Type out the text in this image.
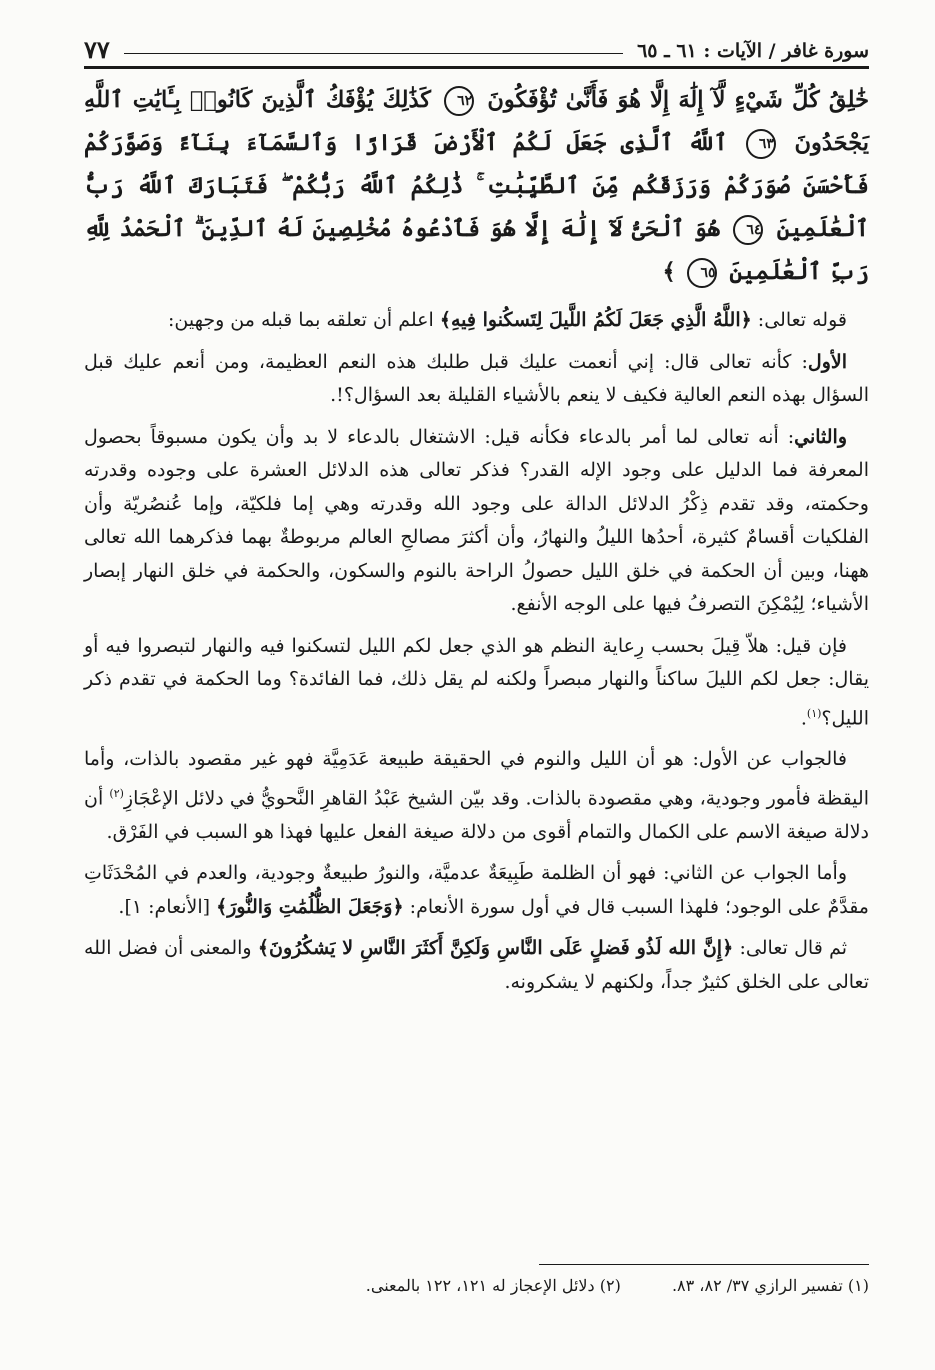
سورة غافر / الآيات : ٦١ ـ ٦٥
٧٧
خَٰلِقُ كُلِّ شَيْءٍ لَّآ إِلَٰهَ إِلَّا هُوَ فَأَنَّىٰ تُؤْفَكُونَ ٦٢ كَذَٰلِكَ يُؤْفَكُ ٱلَّذِينَ كَانُوا۟ بِـَٔايَٰتِ ٱللَّهِ يَجْحَدُونَ ٦٣ ٱللَّهُ ٱلَّذِى جَعَلَ لَكُمُ ٱلْأَرْضَ قَرَارًا وَٱلسَّمَآءَ بِنَآءً وَصَوَّرَكُمْ فَأَحْسَنَ صُوَرَكُمْ وَرَزَقَكُم مِّنَ ٱلطَّيِّبَٰتِ ۚ ذَٰلِكُمُ ٱللَّهُ رَبُّكُمْ ۖ فَتَبَارَكَ ٱللَّهُ رَبُّ ٱلْعَٰلَمِينَ ٦٤ هُوَ ٱلْحَىُّ لَآ إِلَٰهَ إِلَّا هُوَ فَٱدْعُوهُ مُخْلِصِينَ لَهُ ٱلدِّينَ ۗ ٱلْحَمْدُ لِلَّهِ رَبِّ ٱلْعَٰلَمِينَ ٦٥ ﴾

قوله تعالى: ﴿اللَّهُ الَّذِي جَعَلَ لَكُمُ اللَّيلَ لِتَسكُنوا فِيهِ﴾ اعلم أن تعلقه بما قبله من وجهين:

الأول: كأنه تعالى قال: إني أنعمت عليك قبل طلبك هذه النعم العظيمة، ومن أنعم عليك قبل السؤال بهذه النعم العالية فكيف لا ينعم بالأشياء القليلة بعد السؤال؟!.

والثاني: أنه تعالى لما أمر بالدعاء فكأنه قيل: الاشتغال بالدعاء لا بد وأن يكون مسبوقاً بحصول المعرفة فما الدليل على وجود الإله القدر؟ فذكر تعالى هذه الدلائل العشرة على وجوده وقدرته وحكمته، وقد تقدم ذِكْرُ الدلائل الدالة على وجود الله وقدرته وهي إما فلكيّة، وإما عُنصُريّة وأن الفلكيات أقسامٌ كثيرة، أحدُها الليلُ والنهارُ، وأن أكثرَ مصالحِ العالم مربوطةٌ بهما فذكرهما الله تعالى ههنا، وبين أن الحكمة في خلق الليل حصولُ الراحة بالنوم والسكون، والحكمة في خلق النهار إبصار الأشياء؛ لِيُمْكِنَ التصرفُ فيها على الوجه الأنفع.

فإن قيل: هلاّ قِيلَ بحسب رِعاية النظم هو الذي جعل لكم الليل لتسكنوا فيه والنهار لتبصروا فيه أو يقال: جعل لكم الليلَ ساكناً والنهار مبصراً ولكنه لم يقل ذلك، فما الفائدة؟ وما الحكمة في تقدم ذكر الليل؟$^{(١)}$.

فالجواب عن الأول: هو أن الليل والنوم في الحقيقة طبيعة عَدَمِيَّة فهو غير مقصود بالذات، وأما اليقظة فأمور وجودية، وهي مقصودة بالذات. وقد بيّن الشيخ عَبْدُ القاهرِ النَّحويُّ في دلائل الإعْجَازِ$^{(٢)}$ أن دلالة صيغة الاسم على الكمال والتمام أقوى من دلالة صيغة الفعل عليها فهذا هو السبب في الفَرْق.

وأما الجواب عن الثاني: فهو أن الظلمة طَبِيعَةٌ عدميَّة، والنورُ طبيعةٌ وجودية، والعدم في المُحْدَثَاتِ مقدَّمٌ على الوجود؛ فلهذا السبب قال في أول سورة الأنعام: ﴿وَجَعَلَ الظُّلُمَٰتِ وَالنُّورَ﴾ [الأنعام: ١].

ثم قال تعالى: ﴿إِنَّ الله لَذُو فَضلٍ عَلَى النَّاسِ وَلَكِنَّ أَكثَرَ النَّاسِ لا يَشكُرُونَ﴾ والمعنى أن فضل الله تعالى على الخلق كثيرٌ جداً، ولكنهم لا يشكرونه.

(١) تفسير الرازي ٣٧/ ٨٢، ٨٣. (٢) دلائل الإعجاز له ١٢١، ١٢٢ بالمعنى.
